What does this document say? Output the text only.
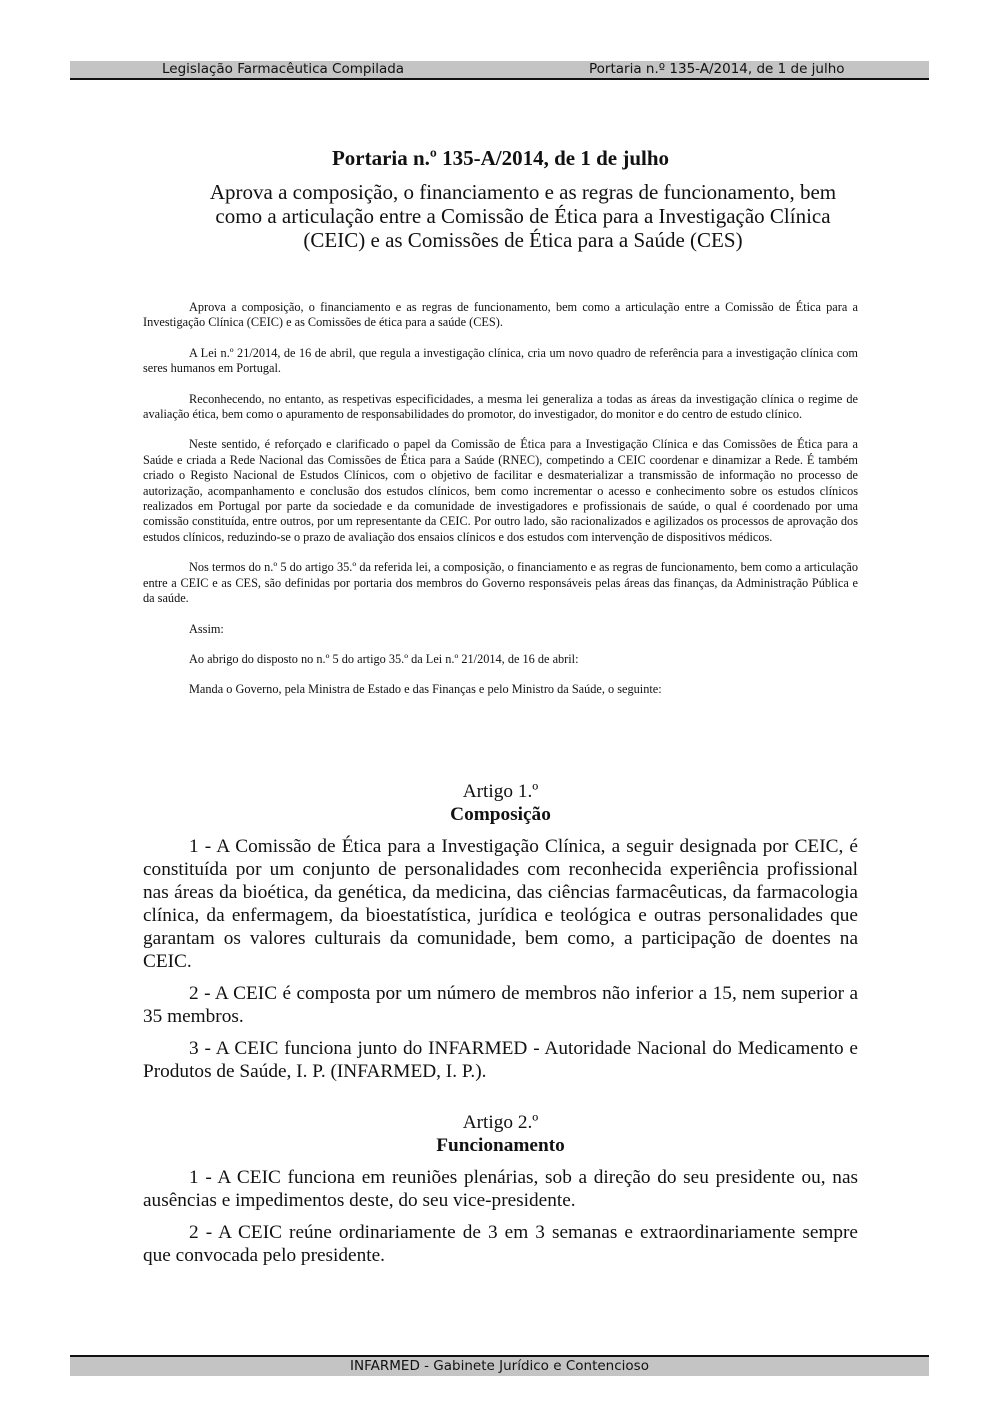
Legislação Farmacêutica Compilada	Portaria n.º 135-A/2014, de 1 de julho
Portaria n.º 135-A/2014, de 1 de julho
Aprova a composição, o financiamento e as regras de funcionamento, bem como a articulação entre a Comissão de Ética para a Investigação Clínica (CEIC) e as Comissões de Ética para a Saúde (CES)

Aprova a composição, o financiamento e as regras de funcionamento, bem como a articulação entre a Comissão de Ética para a Investigação Clínica (CEIC) e as Comissões de ética para a saúde (CES).

A Lei n.º 21/2014, de 16 de abril, que regula a investigação clínica, cria um novo quadro de referência para a investigação clínica com seres humanos em Portugal.

Reconhecendo, no entanto, as respetivas especificidades, a mesma lei generaliza a todas as áreas da investigação clínica o regime de avaliação ética, bem como o apuramento de responsabilidades do promotor, do investigador, do monitor e do centro de estudo clínico.

Neste sentido, é reforçado e clarificado o papel da Comissão de Ética para a Investigação Clínica e das Comissões de Ética para a Saúde e criada a Rede Nacional das Comissões de Ética para a Saúde (RNEC), competindo a CEIC coordenar e dinamizar a Rede. É também criado o Registo Nacional de Estudos Clínicos, com o objetivo de facilitar e desmaterializar a transmissão de informação no processo de autorização, acompanhamento e conclusão dos estudos clínicos, bem como incrementar o acesso e conhecimento sobre os estudos clínicos realizados em Portugal por parte da sociedade e da comunidade de investigadores e profissionais de saúde, o qual é coordenado por uma comissão constituída, entre outros, por um representante da CEIC. Por outro lado, são racionalizados e agilizados os processos de aprovação dos estudos clínicos, reduzindo-se o prazo de avaliação dos ensaios clínicos e dos estudos com intervenção de dispositivos médicos.

Nos termos do n.º 5 do artigo 35.º da referida lei, a composição, o financiamento e as regras de funcionamento, bem como a articulação entre a CEIC e as CES, são definidas por portaria dos membros do Governo responsáveis pelas áreas das finanças, da Administração Pública e da saúde.

Assim:

Ao abrigo do disposto no n.º 5 do artigo 35.º da Lei n.º 21/2014, de 16 de abril:

Manda o Governo, pela Ministra de Estado e das Finanças e pelo Ministro da Saúde, o seguinte:

Artigo 1.º

Composição

1 - A Comissão de Ética para a Investigação Clínica, a seguir designada por CEIC, é constituída por um conjunto de personalidades com reconhecida experiência profissional nas áreas da bioética, da genética, da medicina, das ciências farmacêuticas, da farmacologia clínica, da enfermagem, da bioestatística, jurídica e teológica e outras personalidades que garantam os valores culturais da comunidade, bem como, a participação de doentes na CEIC.

2 - A CEIC é composta por um número de membros não inferior a 15, nem superior a 35 membros.

3 - A CEIC funciona junto do INFARMED - Autoridade Nacional do Medicamento e Produtos de Saúde, I. P. (INFARMED, I. P.).

Artigo 2.º

Funcionamento

1 - A CEIC funciona em reuniões plenárias, sob a direção do seu presidente ou, nas ausências e impedimentos deste, do seu vice-presidente.

2 - A CEIC reúne ordinariamente de 3 em 3 semanas e extraordinariamente sempre que convocada pelo presidente.

INFARMED - Gabinete Jurídico e Contencioso
